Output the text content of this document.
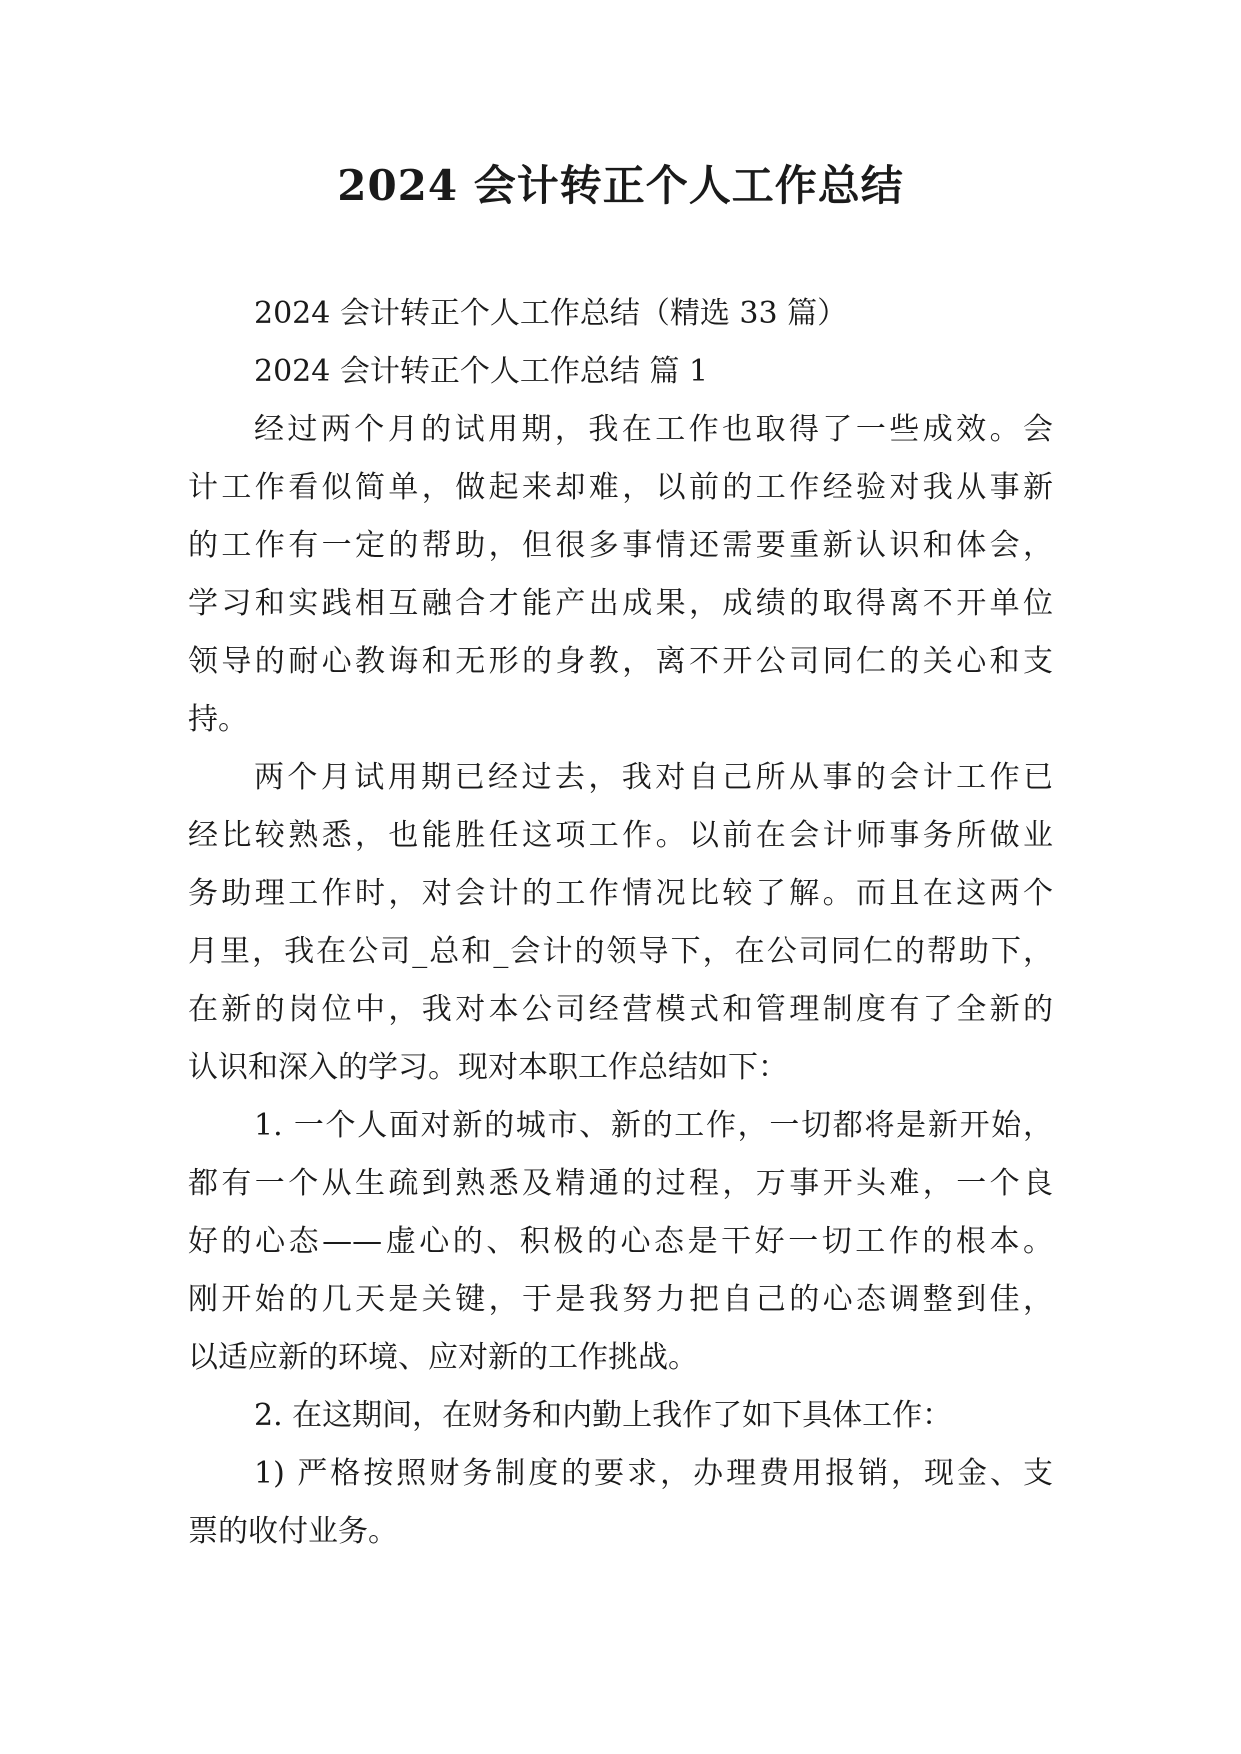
2024 会计转正个人工作总结
2024 会计转正个人工作总结（精选 33 篇）
2024 会计转正个人工作总结 篇 1
经过两个月的试用期，我在工作也取得了一些成效。会
计工作看似简单，做起来却难，以前的工作经验对我从事新
的工作有一定的帮助，但很多事情还需要重新认识和体会，
学习和实践相互融合才能产出成果，成绩的取得离不开单位
领导的耐心教诲和无形的身教，离不开公司同仁的关心和支
持。
两个月试用期已经过去，我对自己所从事的会计工作已
经比较熟悉，也能胜任这项工作。以前在会计师事务所做业
务助理工作时，对会计的工作情况比较了解。而且在这两个
月里，我在公司_总和_会计的领导下，在公司同仁的帮助下，
在新的岗位中，我对本公司经营模式和管理制度有了全新的
认识和深入的学习。现对本职工作总结如下：
1. 一个人面对新的城市、新的工作，一切都将是新开始，
都有一个从生疏到熟悉及精通的过程，万事开头难，一个良
好的心态——虚心的、积极的心态是干好一切工作的根本。
刚开始的几天是关键，于是我努力把自己的心态调整到佳，
以适应新的环境、应对新的工作挑战。
2. 在这期间，在财务和内勤上我作了如下具体工作：
1) 严格按照财务制度的要求，办理费用报销，现金、支
票的收付业务。
